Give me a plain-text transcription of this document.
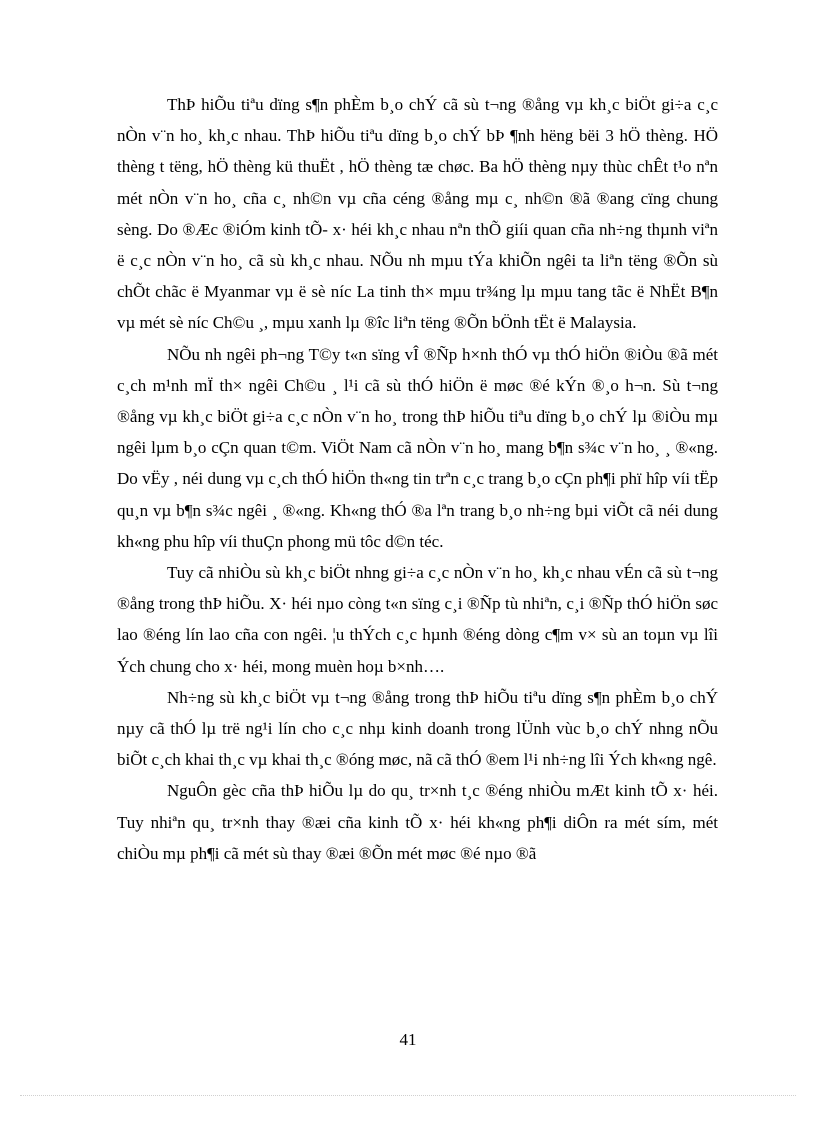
ThÞ hiÕu tiªu dïng s¶n phÈm b¸o chÝ cã sù t¬ng ®ång vµ kh¸c biÖt gi÷a c¸c nÒn v¨n ho¸ kh¸c nhau. ThÞ hiÕu tiªu dïng b¸o chÝ bÞ ¶nh hëng bëi 3 hÖ thèng. HÖ thèng t tëng, hÖ thèng kü thuËt , hÖ thèng tæ chøc. Ba hÖ thèng nµy thùc chÊt t¹o nªn mét nÒn v¨n ho¸ cña c¸ nh©n vµ cña céng ®ång mµ c¸ nh©n ®ã ®ang cïng chung sèng. Do ®Æc ®iÓm kinh tÕ- x· héi kh¸c nhau nªn thÕ giíi quan cña nh÷ng thµnh viªn ë c¸c nÒn v¨n ho¸ cã sù kh¸c nhau. NÕu nh mµu tÝa khiÕn ngêi ta liªn tëng ®Õn sù chÕt chãc ë Myanmar vµ ë sè níc La tinh th× mµu tr¾ng lµ mµu tang tãc ë NhËt B¶n vµ mét sè níc Ch©u ¸, mµu xanh lµ ®îc liªn tëng ®Õn bÖnh tËt ë Malaysia.

NÕu nh ngêi ph¬ng T©y t«n sïng vÎ ®Ñp h×nh thÓ vµ thÓ hiÖn ®iÒu ®ã mét c¸ch m¹nh mÏ th× ngêi Ch©u ¸ l¹i cã sù thÓ hiÖn ë møc ®é kÝn ®¸o h¬n. Sù t¬ng ®ång vµ kh¸c biÖt gi÷a c¸c nÒn v¨n ho¸ trong thÞ hiÕu tiªu dïng b¸o chÝ lµ ®iÒu mµ ngêi lµm b¸o cÇn quan t©m. ViÖt Nam cã nÒn v¨n ho¸ mang b¶n s¾c v¨n ho¸ ¸ ®«ng. Do vËy , néi dung vµ c¸ch thÓ hiÖn th«ng tin trªn c¸c trang b¸o cÇn ph¶i phï hîp víi tËp qu¸n vµ b¶n s¾c ngêi ¸ ®«ng. Kh«ng thÓ ®a lªn trang b¸o nh÷ng bµi viÕt cã néi dung kh«ng phu hîp víi thuÇn phong mü tôc d©n téc.

Tuy cã nhiÒu sù kh¸c biÖt nhng gi÷a c¸c nÒn v¨n ho¸ kh¸c nhau vÉn cã sù t¬ng ®ång trong thÞ hiÕu. X· héi nµo còng t«n sïng c¸i ®Ñp tù nhiªn, c¸i ®Ñp thÓ hiÖn søc lao ®éng lín lao cña con ngêi. ¦u thÝch c¸c hµnh ®éng dòng c¶m v× sù an toµn vµ lîi Ých chung cho x· héi, mong muèn hoµ b×nh….

Nh÷ng sù kh¸c biÖt vµ t¬ng ®ång trong thÞ hiÕu tiªu dïng s¶n phÈm b¸o chÝ nµy cã thÓ lµ trë ng¹i lín cho c¸c nhµ kinh doanh trong lÜnh vùc b¸o chÝ nhng nÕu biÕt c¸ch khai th¸c vµ khai th¸c ®óng møc, nã cã thÓ ®em l¹i nh÷ng lîi Ých kh«ng ngê.

NguÔn gèc cña thÞ hiÕu lµ do qu¸ tr×nh t¸c ®éng nhiÒu mÆt kinh tÕ x· héi. Tuy nhiªn qu¸ tr×nh thay ®æi cña kinh tÕ x· héi kh«ng ph¶i diÔn ra mét sím, mét chiÒu mµ ph¶i cã mét sù thay ®æi ®Õn mét møc ®é nµo ®ã

41
